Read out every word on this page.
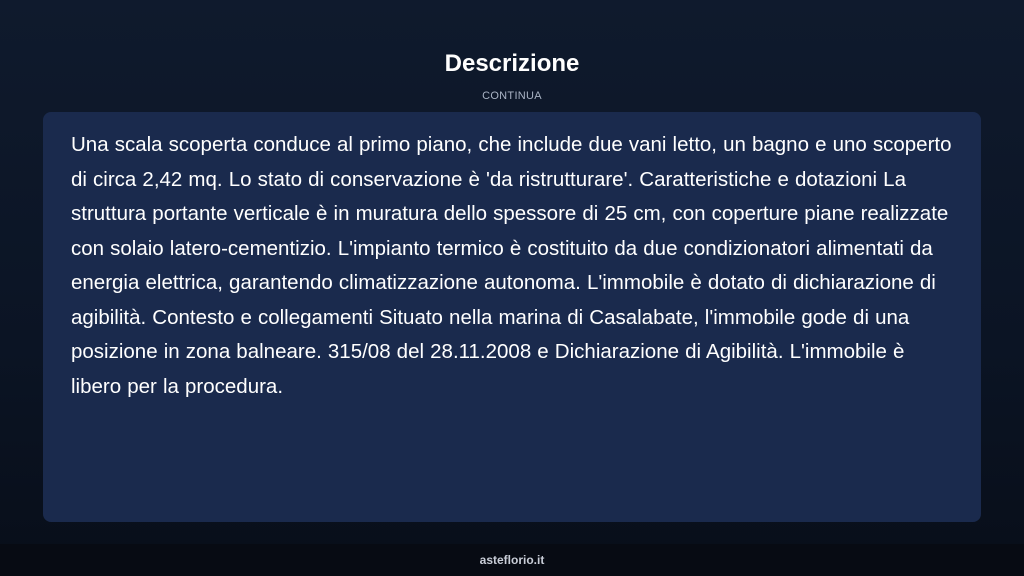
Descrizione
CONTINUA

Una scala scoperta conduce al primo piano, che include due vani letto, un bagno e uno scoperto di circa 2,42 mq. Lo stato di conservazione è 'da ristrutturare'. Caratteristiche e dotazioni La struttura portante verticale è in muratura dello spessore di 25 cm, con coperture piane realizzate con solaio latero-cementizio. L'impianto termico è costituito da due condizionatori alimentati da energia elettrica, garantendo climatizzazione autonoma. L'immobile è dotato di dichiarazione di agibilità. Contesto e collegamenti Situato nella marina di Casalabate, l'immobile gode di una posizione in zona balneare. 315/08 del 28.11.2008 e Dichiarazione di Agibilità. L'immobile è libero per la procedura.

asteflorio.it
